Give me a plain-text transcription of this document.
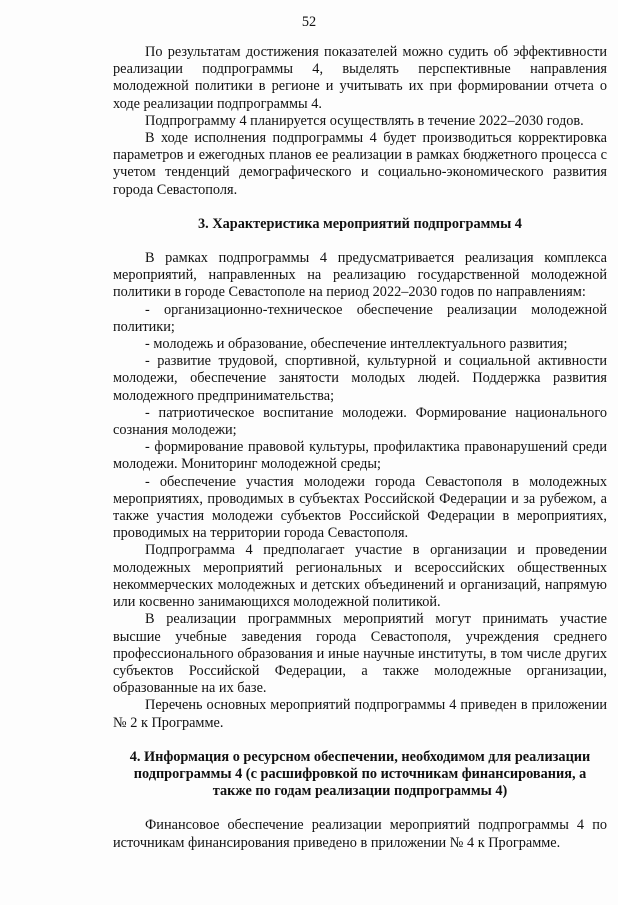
52

По результатам достижения показателей можно судить об эффективности реализации подпрограммы 4, выделять перспективные направления молодежной политики в регионе и учитывать их при формировании отчета о ходе реализации подпрограммы 4.

Подпрограмму 4 планируется осуществлять в течение 2022–2030 годов.

В ходе исполнения подпрограммы 4 будет производиться корректировка параметров и ежегодных планов ее реализации в рамках бюджетного процесса с учетом тенденций демографического и социально-экономического развития города Севастополя.

3. Характеристика мероприятий подпрограммы 4

В рамках подпрограммы 4 предусматривается реализация комплекса мероприятий, направленных на реализацию государственной молодежной политики в городе Севастополе на период 2022–2030 годов по направлениям:

- организационно-техническое обеспечение реализации молодежной политики;

- молодежь и образование, обеспечение интеллектуального развития;

- развитие трудовой, спортивной, культурной и социальной активности молодежи, обеспечение занятости молодых людей. Поддержка развития молодежного предпринимательства;

- патриотическое воспитание молодежи. Формирование национального сознания молодежи;

- формирование правовой культуры, профилактика правонарушений среди молодежи. Мониторинг молодежной среды;

- обеспечение участия молодежи города Севастополя в молодежных мероприятиях, проводимых в субъектах Российской Федерации и за рубежом, а также участия молодежи субъектов Российской Федерации в мероприятиях, проводимых на территории города Севастополя.

Подпрограмма 4 предполагает участие в организации и проведении молодежных мероприятий региональных и всероссийских общественных некоммерческих молодежных и детских объединений и организаций, напрямую или косвенно занимающихся молодежной политикой.

В реализации программных мероприятий могут принимать участие высшие учебные заведения города Севастополя, учреждения среднего профессионального образования и иные научные институты, в том числе других субъектов Российской Федерации, а также молодежные организации, образованные на их базе.

Перечень основных мероприятий подпрограммы 4 приведен в приложении № 2 к Программе.

4. Информация о ресурсном обеспечении, необходимом для реализации подпрограммы 4 (с расшифровкой по источникам финансирования, а также по годам реализации подпрограммы 4)

Финансовое обеспечение реализации мероприятий подпрограммы 4 по источникам финансирования приведено в приложении № 4 к Программе.
